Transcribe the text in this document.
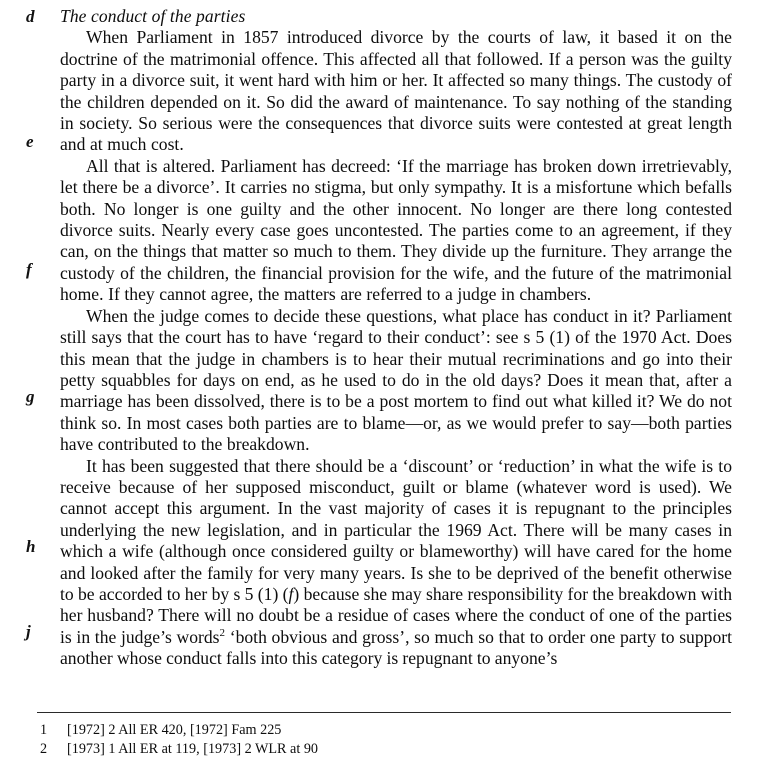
d
e
f
g
h
j
The conduct of the parties

When Parliament in 1857 introduced divorce by the courts of law, it based it on the doctrine of the matrimonial offence. This affected all that followed. If a person was the guilty party in a divorce suit, it went hard with him or her. It affected so many things. The custody of the children depended on it. So did the award of maintenance. To say nothing of the standing in society. So serious were the consequences that divorce suits were contested at great length and at much cost.

All that is altered. Parliament has decreed: ‘If the marriage has broken down irretrievably, let there be a divorce’. It carries no stigma, but only sympathy. It is a misfortune which befalls both. No longer is one guilty and the other innocent. No longer are there long contested divorce suits. Nearly every case goes uncontested. The parties come to an agreement, if they can, on the things that matter so much to them. They divide up the furniture. They arrange the custody of the children, the financial provision for the wife, and the future of the matrimonial home. If they cannot agree, the matters are referred to a judge in chambers.

When the judge comes to decide these questions, what place has conduct in it? Parliament still says that the court has to have ‘regard to their conduct’: see s 5 (1) of the 1970 Act. Does this mean that the judge in chambers is to hear their mutual recriminations and go into their petty squabbles for days on end, as he used to do in the old days? Does it mean that, after a marriage has been dissolved, there is to be a post mortem to find out what killed it? We do not think so. In most cases both parties are to blame—or, as we would prefer to say—both parties have contributed to the breakdown.

It has been suggested that there should be a ‘discount’ or ‘reduction’ in what the wife is to receive because of her supposed misconduct, guilt or blame (whatever word is used). We cannot accept this argument. In the vast majority of cases it is repugnant to the principles underlying the new legislation, and in particular the 1969 Act. There will be many cases in which a wife (although once considered guilty or blameworthy) will have cared for the home and looked after the family for very many years. Is she to be deprived of the benefit otherwise to be accorded to her by s 5 (1) (f) because she may share responsibility for the breakdown with her husband? There will no doubt be a residue of cases where the conduct of one of the parties is in the judge’s words$^2$ ‘both obvious and gross’, so much so that to order one party to support another whose conduct falls into this category is repugnant to anyone’s

1	[1972] 2 All ER 420, [1972] Fam 225
2	[1973] 1 All ER at 119, [1973] 2 WLR at 90
